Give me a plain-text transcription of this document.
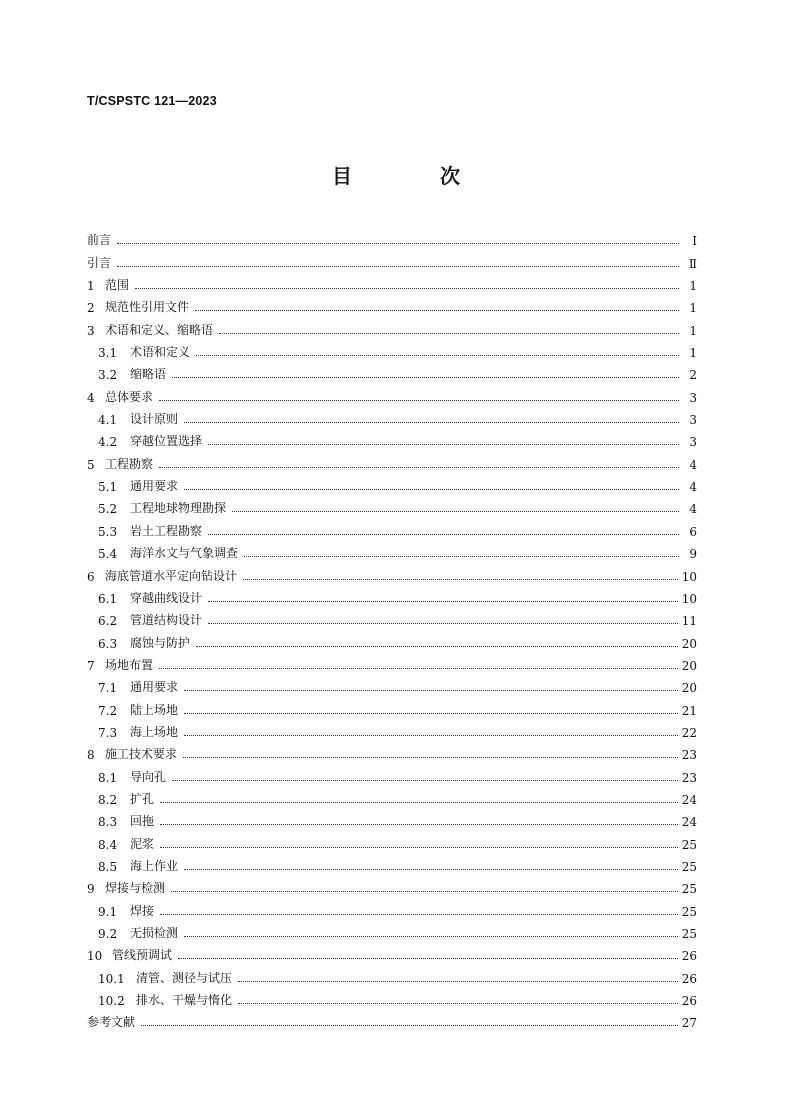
T/CSPSTC 121—2023
目　次
前言	Ⅰ
引言	Ⅱ
1 范围	1
2 规范性引用文件	1
3 术语和定义、缩略语	1
3.1	术语和定义	1
3.2	缩略语	2
4 总体要求	3
4.1	设计原则	3
4.2	穿越位置选择	3
5 工程勘察	4
5.1	通用要求	4
5.2	工程地球物理勘探	4
5.3	岩土工程勘察	6
5.4	海洋水文与气象调查	9
6 海底管道水平定向钻设计	10
6.1	穿越曲线设计	10
6.2	管道结构设计	11
6.3	腐蚀与防护	20
7 场地布置	20
7.1	通用要求	20
7.2	陆上场地	21
7.3	海上场地	22
8 施工技术要求	23
8.1	导向孔	23
8.2	扩孔	24
8.3	回拖	24
8.4	泥浆	25
8.5	海上作业	25
9 焊接与检测	25
9.1	焊接	25
9.2	无损检测	25
10 管线预调试	26
10.1 清管、测径与试压	26
10.2 排水、干燥与惰化	26
参考文献	27
